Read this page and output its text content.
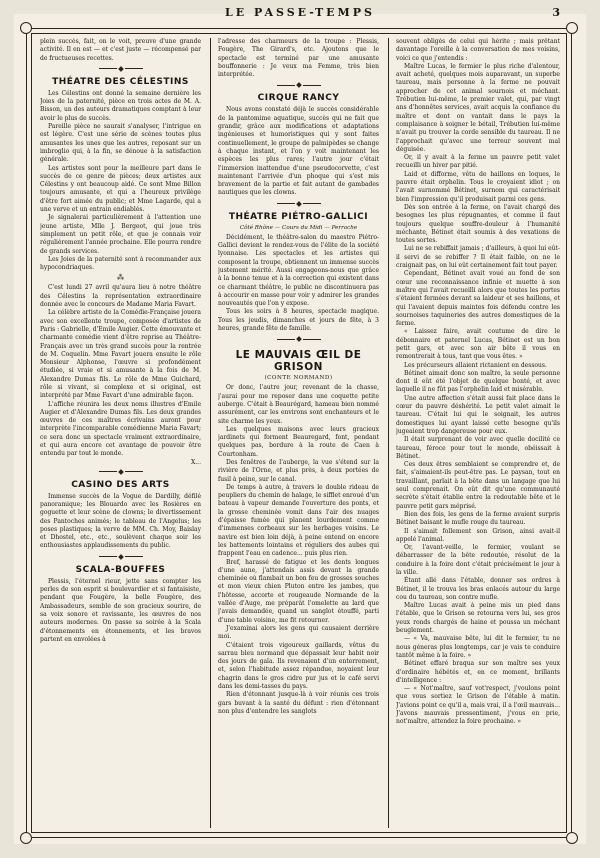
LE PASSE-TEMPS	3

plein succès, fait, on le voit, preuve d'une grande activité. Il en est — et c'est juste — récompensé par de fructueuses recettes.

THÉATRE DES CÉLESTINS

Les Célestins ont donné la semaine dernière les Joies de la paternité, pièce en trois actes de M. A. Bisson, un des auteurs dramatiques comptant à leur avoir le plus de succès.

Pareille pièce ne saurait s'analyser, l'intrigue en est légère. C'est une série de scènes toutes plus amusantes les unes que les autres, reposant sur un imbroglio qui, à la fin, se dénoue à la satisfaction générale.

Les artistes sont pour la meilleure part dans le succès de ce genre de pièces; deux artistes aux Célestins y ont beaucoup aidé. Ce sont Mme Billon toujours amusante, et qui a l'heureux privilège d'être fort aimée du public; et Mme Lagarde, qui a une verve et un entrain endiablés.

Je signalerai particulièrement à l'attention une jeune artiste, Mlle J. Bergeot, qui joue très simplement un petit rôle, et que je connais voir régulièrement l'année prochaine. Elle pourra rendre de grands services.

Les Joies de la paternité sont à recommander aux hypocondriaques.

⁂

C'est lundi 27 avril qu'aura lieu à notre théâtre des Célestins la représentation extraordinaire donnée avec le concours de Madame Maria Favart.

La célèbre artiste de la Comédie-Française jouera avec son excellente troupe, composée d'artistes de Paris : Gabrielle, d'Emile Augier. Cette émouvante et charmante comédie vient d'être reprise au Théâtre-Français avec un très grand succès pour la rentrée de M. Coquelin. Mme Favart jouera ensuite le rôle Monsieur Alphonse, l'œuvre si profondément étudiée, si vraie et si amusante à la fois de M. Alexandre Dumas fils. Le rôle de Mme Guichard, rôle si vivant, si complexe et si original, est interprété par Mme Favart d'une admirable façon.

L'affiche réunira les deux noms illustres d'Emile Augier et d'Alexandre Dumas fils. Les deux grandes œuvres de ces maîtres écrivains auront pour interprète l'incomparable comédienne Maria Favart; ce sera donc un spectacle vraiment extraordinaire, et qui aura encore cet avantage de pouvoir être entendu par tout le monde.

X...

CASINO DES ARTS

Immense succès de la Vogue de Dardilly, défilé panoramique; les Blouardo avec les Rosières en goguette et leur scène de clowns; le divertissement des Pantoches animés; le tableau de l'Angelus; les poses plastiques; la verve de MM. Ch. Moy, Baislay et Dhostel, etc., etc., soulèvent chaque soir les enthousiastes applaudissements du public.

SCALA-BOUFFES

Plessis, l'éternel rieur, jette sans compter les perles de son esprit si boulevardier et si fantaisiste, pendant que Fougère, la belle Fougère, des Ambassadeurs, semble de son gracieux sourire, de sa voix sonore et ravissante, les œuvres de nos auteurs modernes. On passe sa soirée à la Scala d'étonnements en étonnements, et les bravos partent en envolées à

l'adresse des charmeurs de la troupe : Plessis, Fougère, The Girard's, etc. Ajoutons que le spectacle est terminé par une amusante bouffonnerie : Je veux ma Femme, très bien interprétée.

CIRQUE RANCY

Nous avons constaté déjà le succès considérable de la pantomime aquatique, succès qui ne fait que grandir, grâce aux modifications et adaptations ingénieuses et humoristiques qui y sont faites continuellement, le groupe de palmipèdes se change à chaque instant, et l'on y voit maintenant les espèces les plus rares; l'autre jour c'était l'immersion inattendue d'une pseudocorvette, c'est maintenant l'arrivée d'un phoque qui s'est mis bravement de la partie et fait autant de gambades nautiques que les clowns.

THÉATRE PIÉTRO-GALLICI
Côté Rhône — Cours du Midi — Perrache

Décidément, le théâtre-salon du maestro Piétro-Gallici devient le rendez-vous de l'élite de la société lyonnaise. Les spectacles et les artistes qui composent la troupe, obtiennent un immense succès justement mérité. Aussi engageons-nous que grâce à la bonne tenue et à la correction qui existent dans ce charmant théâtre, le public ne discontinuera pas à accourir en masse pour voir y admirer les grandes nouveautés que l'on y expose.

Tous les soirs à 8 heures, spectacle magique. Tous les jeudis, dimanches et jours de fête, à 3 heures, grande fête de famille.

LE MAUVAIS ŒIL DE GRISON
(CONTE NORMAND)

Or donc, l'autre jour, revenant de la chasse, j'aurai pour me reposer dans une coquette petite auberge. C'était à Beaurégard, hameau bien nommé assurément, car les environs sont enchanteurs et le site charme les yeux.

Les quelques maisons avec leurs gracieux jardinets qui forment Beauregard, font, pendant quelques pas, bordure à la route de Caen à Courtonham.

Des fenêtres de l'auberge, la vue s'étend sur la rivière de l'Orne, et plus près, à deux portées de fusil à peine, sur le canal.

De temps à autre, à travers le double rideau de peupliers du chemin de halage, le sifflet enroué d'un bateau à vapeur demande l'ouverture des ponts, et la grosse cheminée vomit dans l'air des nuages d'épaisse fumée qui planent lourdement comme d'immenses corbeaux sur les herbages voisins. Le navire est bien loin déjà, à peine entend on encore les battements lointains et réguliers des aubes qui frappent l'eau en cadence... puis plus rien.

Bref, harassé de fatigue et les dents longues d'une aune, j'attendais assis devant la grande cheminée où flambait un bon feu de grosses souches et mon vieux chien Pluton entre les jambes, que l'hôtesse, accorte et rougeaude Normande de la vallée d'Auge, me préparât l'omelette au lard que j'avais demandée, quand un sanglot étouffé, parti d'une table voisine, me fit retourner.

J'examinai alors les gens qui causaient derrière moi.

C'étaient trois vigoureux gaillards, vêtus du sarrau bleu normand que dépassait leur habit noir des jours de gala. Ils revenaient d'un enterrement, et, selon l'habitude assez répandue, noyaient leur chagrin dans le gros cidre pur jus et le café servi dans les demi-tasses du pays.

Rien d'étonnant jusque-là à voir réunis ces trois gars buvant à la santé du défunt : rien d'étonnant non plus d'entendre les sanglots

souvent obligés de celui qui hérite ; mais prêtant davantage l'oreille à la conversation de mes voisins, voici ce que j'entendis :

Maître Lucas, le fermier le plus riche d'alentour, avait acheté, quelques mois auparavant, un superbe taureau, mais personne à la ferme ne pouvait approcher de cet animal sournois et méchant. Trébutien lui-même, le premier valet, qui, par vingt ans d'honnêtes services, avait acquis la confiance du maître et dont on vantait dans le pays la complaisance à soigner le bétail, Trébutien lui-même n'avait pu trouver la corde sensible du taureau. Il ne l'approchait qu'avec une terreur souvent mal déguisée.

Or, il y avait à la ferme un pauvre petit valet recueilli un hiver par pitié.

Laid et difforme, vêtu de haillons en loques, le pauvre était orphelin. Tous le croyaient idiot ; on l'avait surnommé Bétinet, surnom qui caractérisait bien l'impression qu'il produisait parmi ces gens.

Dès son entrée à la ferme, on l'avait chargé des besognes les plus répugnantes, et comme il faut toujours quelque souffre-douleur à l'humanité méchante, Bétinet était soumis à des vexations de toutes sortes.

Lui ne se rebiffait jamais ; d'ailleurs, à quoi lui eût-il servi de se rebiffer ? Il était faible, on ne le craignait pas, on lui eût certainement fait tout payer.

Cependant, Bétinet avait voué au fond de son cœur une reconnaissance infinie et muette à son maître qui l'avait recueilli alors que toutes les portes s'étaient fermées devant sa laideur et ses haillons, et qui l'avaient depuis maintes fois défendu contre les sournoises taquineries des autres domestiques de la ferme.

« Laissez faire, avait coutume de dire le débonnaire et paternel Lucas, Bétinet est un bon petit gars, et avec son air bête il vous en remontrerait à tous, tant que vous êtes. »

Les précurseurs allaient rictanient en dessous.

Bétinet aimait donc son maître, la seule personne dont il eût été l'objet de quelque bonté, et avec laquelle il ne fût pas l'orphelin laid et misérable.

Une autre affection s'était aussi fait place dans le cœur du pauvre déshérité. Le petit valet aimait le taureau. C'était lui qui le soignait, les autres domestiques lui ayant laissé cette besogne qu'ils jugeaient trop dangereuse pour eux.

Il était surprenant de voir avec quelle docilité ce taureau, féroce pour tout le monde, obéissait à Bétinet.

Ces deux êtres semblaient se comprendre et, de fait, s'aimaient-ils peut-être pas. Le paysan, tout en travaillant, parlait à la bête dans un langage que lui seul comprenait. On eût dit qu'une communauté secrète s'était établie entre la redoutable bête et le pauvre petit gars méprisé.

Bien des fois, les gens de la ferme avaient surpris Bétinet baisant le mufle rouge du taureau.

Il s'aimait follement son Grison, ainsi avait-il appelé l'animal.

Or, l'avant-veille, le fermier, voulant se débarrasser de la bête redoutée, résolut de la conduire à la foire dont c'était précisément le jour à la ville.

Étant allé dans l'étable, donner ses ordres à Bétinet, il le trouva les bras enlacés autour du large cou du taureau, son contre mufle.

Maître Lucas avait à peine mis un pied dans l'étable, que le Grison se retourna vers lui, ses gros yeux ronds chargés de haine et poussa un méchant beuglement.

— « Va, mauvaise bête, lui dit le fermier, tu ne nous géneras plus longtemps, car je vais te conduire tantôt même à la foire. »

Bétinet effaré braqua sur son maître ses yeux d'ordinaire hébétés et, en ce moment, brillants d'intelligence :

— « Not'maître, sauf vot'respect, j'voulons point que vous sortiez le Grison de l'étable à matin. J'avions point ce qu'il a, mais vrai, il a l'œil mauvais... J'avons mauvais pressentiment, j'vous en prie, not'maître, attendez la foire prochaine. »
